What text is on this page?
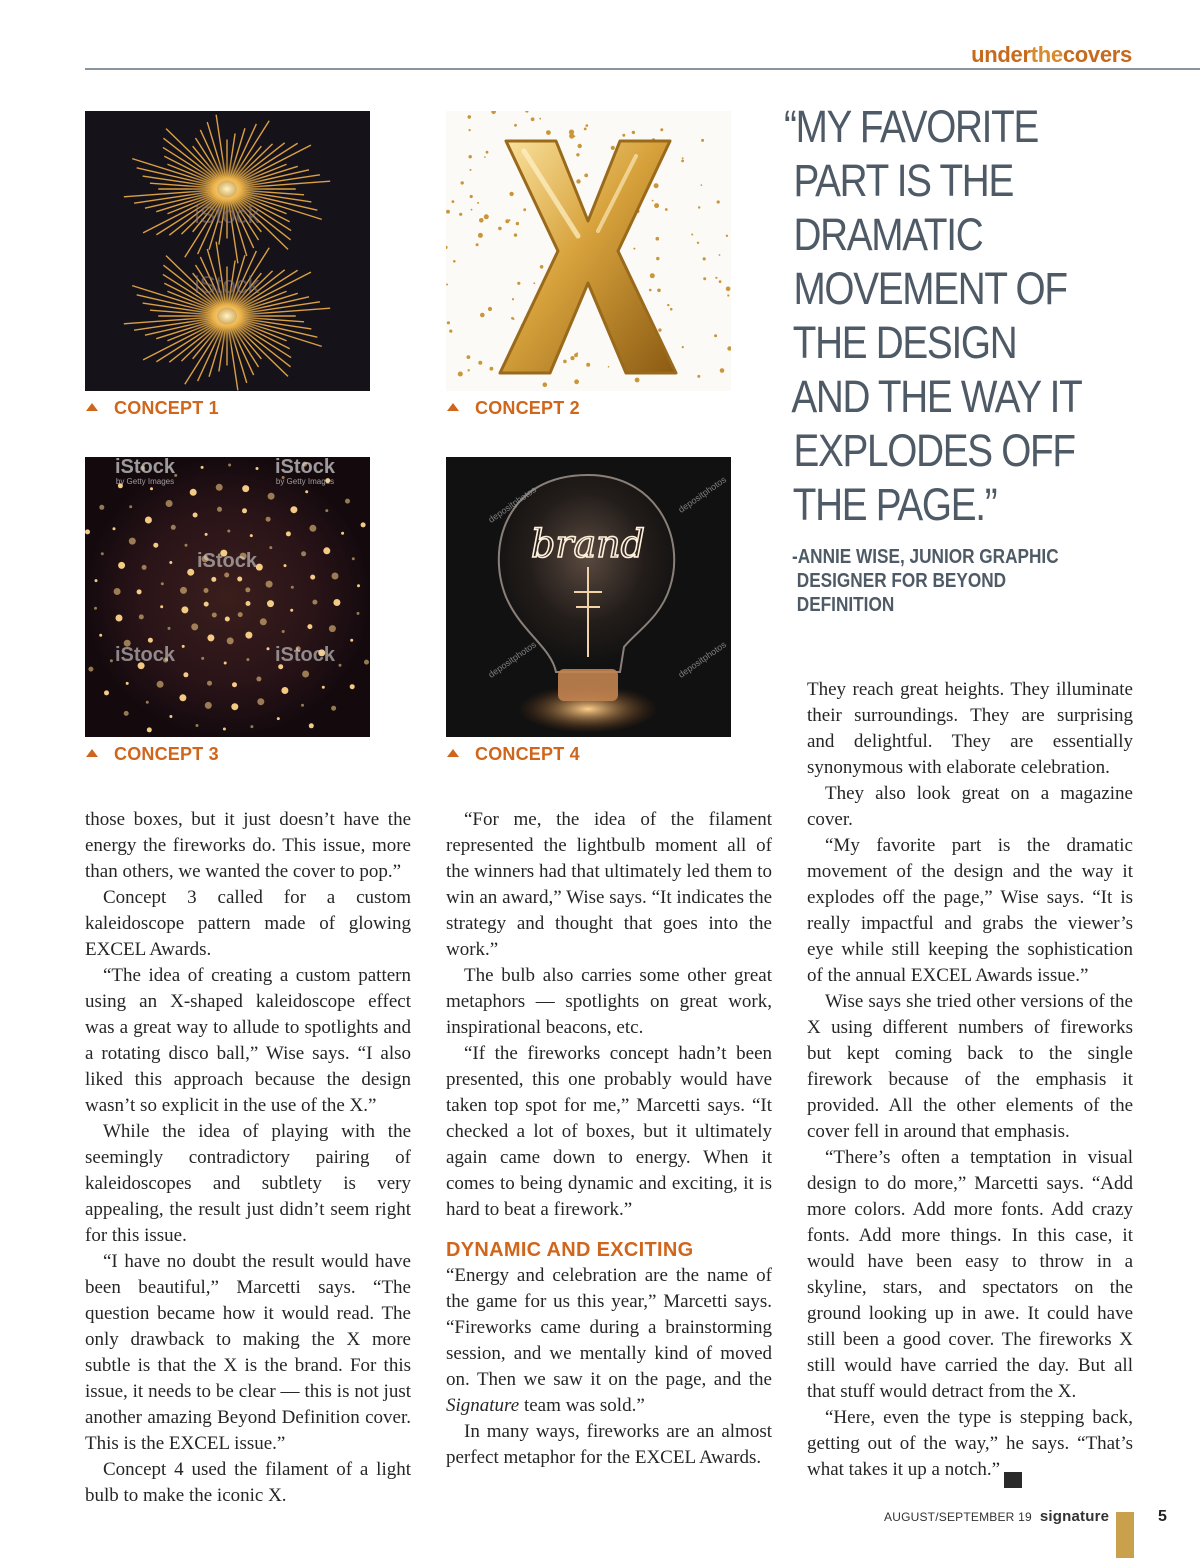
underthecovers
iStock
iStock
CONCEPT 1	CONCEPT 2
iStock
by Getty Images
iStock
by Getty Images
iStock
iStock	iStock
CONCEPT 3
brand
depositphotos	depositphotos
depositphotos	depositphotos
CONCEPT 4
“MY FAVORITE
PART IS THE
DRAMATIC
MOVEMENT OF
THE DESIGN
AND THE WAY IT
EXPLODES OFF
THE PAGE.”
-ANNIE WISE, JUNIOR GRAPHIC
DESIGNER FOR BEYOND
DEFINITION

those boxes, but it just doesn’t have the energy the fireworks do. This issue, more than others, we wanted the cover to pop.”

Concept 3 called for a custom kaleidoscope pattern made of glowing EXCEL Awards.

“The idea of creating a custom pattern using an X-shaped kaleidoscope effect was a great way to allude to spotlights and a rotating disco ball,” Wise says. “I also liked this approach because the design wasn’t so explicit in the use of the X.”

While the idea of playing with the seemingly contradictory pairing of kaleidoscopes and subtlety is very appealing, the result just didn’t seem right for this issue.

“I have no doubt the result would have been beautiful,” Marcetti says. “The question became how it would read. The only drawback to making the X more subtle is that the X is the brand. For this issue, it needs to be clear — this is not just another amazing Beyond Definition cover. This is the EXCEL issue.”

Concept 4 used the filament of a light bulb to make the iconic X.

“For me, the idea of the filament represented the lightbulb moment all of the winners had that ultimately led them to win an award,” Wise says. “It indicates the strategy and thought that goes into the work.”

The bulb also carries some other great metaphors — spotlights on great work, inspirational beacons, etc.

“If the fireworks concept hadn’t been presented, this one probably would have taken top spot for me,” Marcetti says. “It checked a lot of boxes, but it ultimately again came down to energy. When it comes to being dynamic and exciting, it is hard to beat a firework.”

DYNAMIC AND EXCITING

“Energy and celebration are the name of the game for us this year,” Marcetti says. “Fireworks came during a brainstorming session, and we mentally kind of moved on. Then we saw it on the page, and the Signature team was sold.”

In many ways, fireworks are an almost perfect metaphor for the EXCEL Awards.

They reach great heights. They illuminate their surroundings. They are surprising and delightful. They are essentially synonymous with elaborate celebration.

They also look great on a magazine cover.

“My favorite part is the dramatic movement of the design and the way it explodes off the page,” Wise says. “It is really impactful and grabs the viewer’s eye while still keeping the sophistication of the annual EXCEL Awards issue.”

Wise says she tried other versions of the X using different numbers of fireworks but kept coming back to the single firework because of the emphasis it provided. All the other elements of the cover fell in around that emphasis.

“There’s often a temptation in visual design to do more,” Marcetti says. “Add more colors. Add more fonts. Add crazy fonts. Add more things. In this case, it would have been easy to throw in a skyline, stars, and spectators on the ground looking up in awe. It could have still been a good cover. The fireworks X still would have carried the day. But all that stuff would detract from the X.

“Here, even the type is stepping back, getting out of the way,” he says. “That’s what takes it up a notch.”	AM&D

AUGUST/SEPTEMBER 19 signature	5
